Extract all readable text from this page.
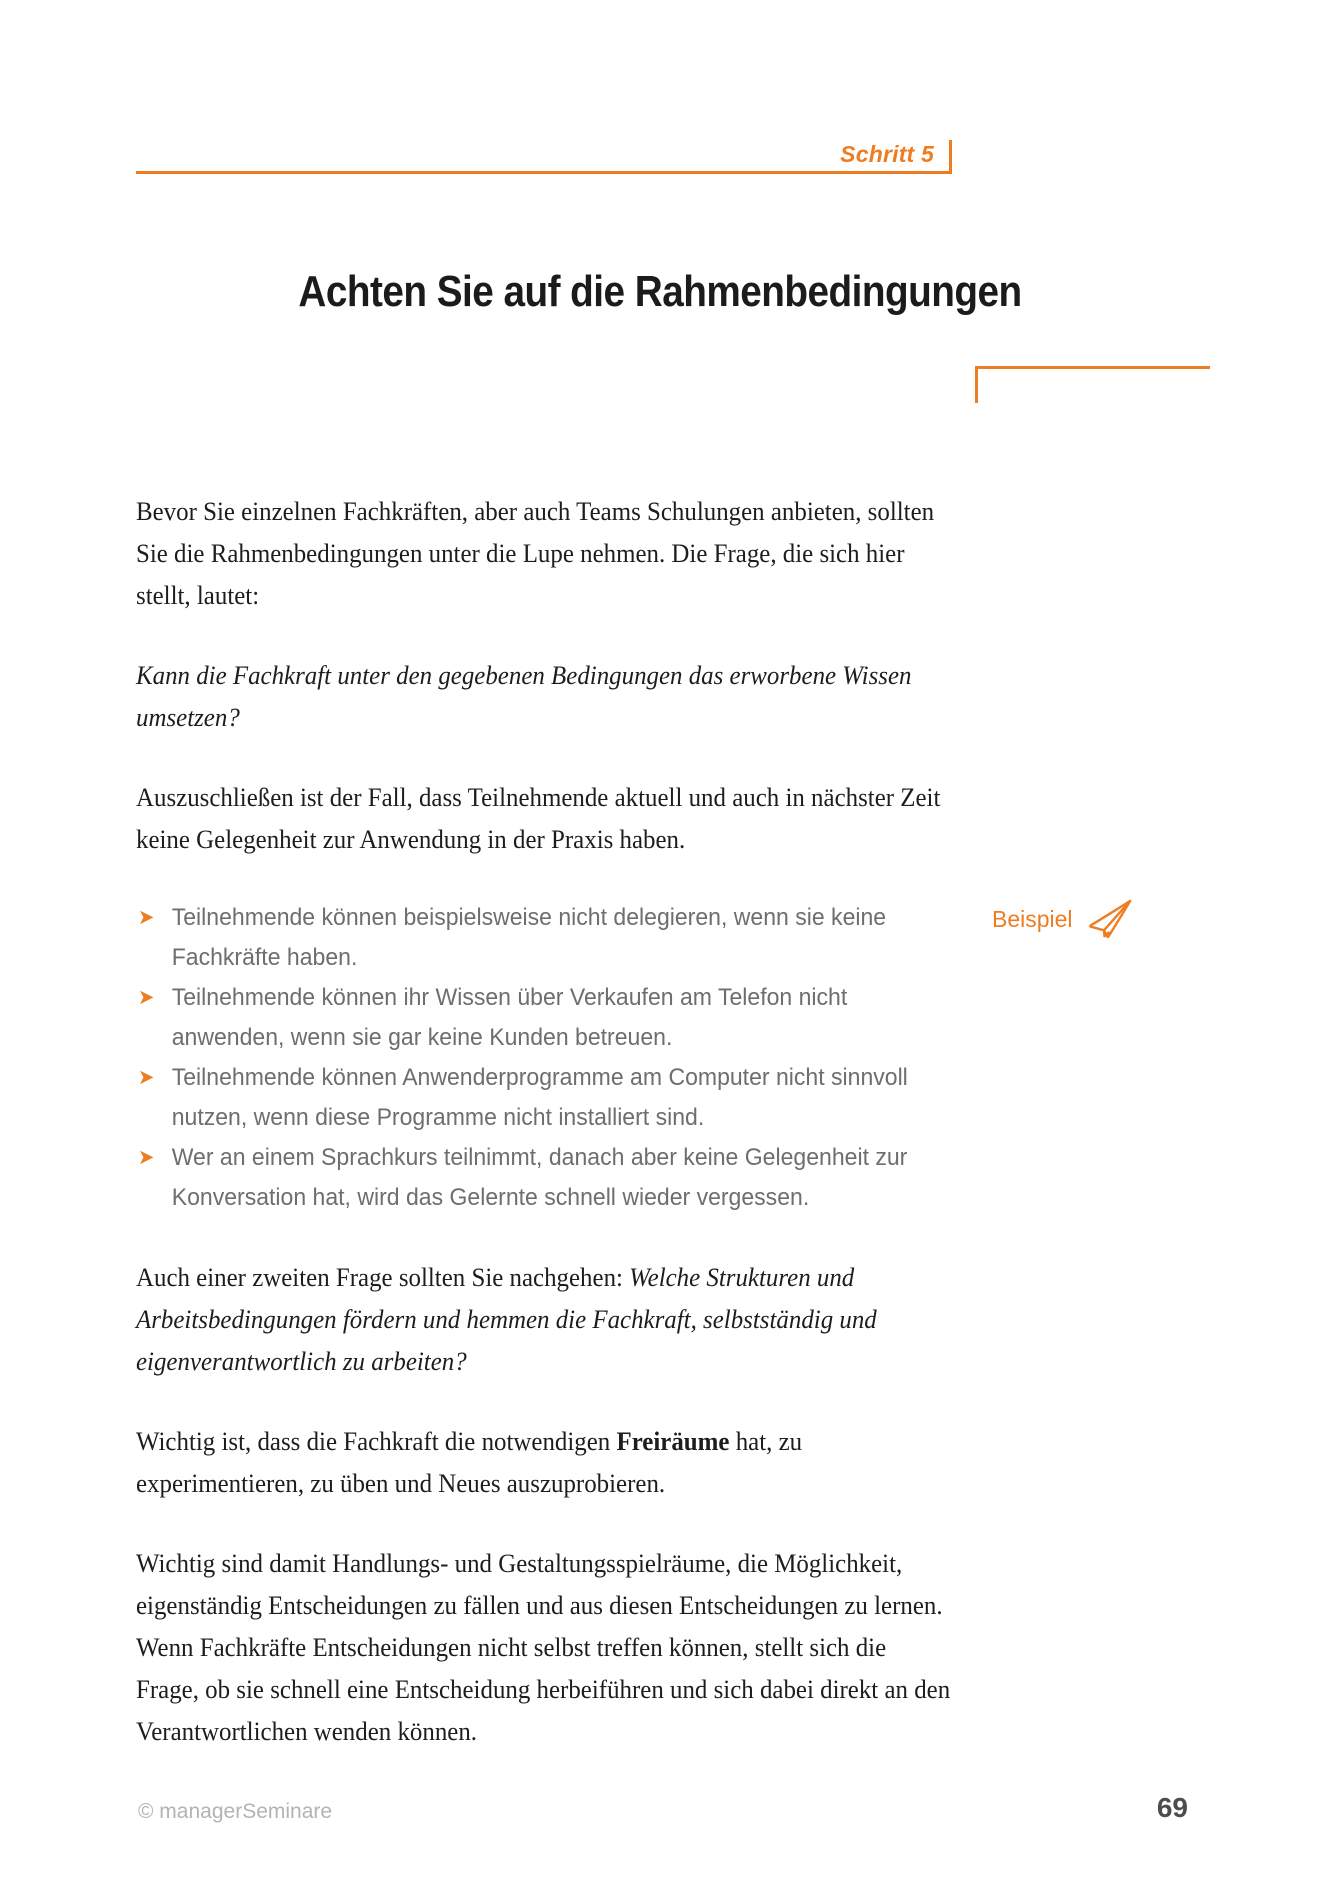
Schritt 5
Achten Sie auf die Rahmenbedingungen

Bevor Sie einzelnen Fachkräften, aber auch Teams Schulungen anbieten, sollten Sie die Rahmenbedingungen unter die Lupe nehmen. Die Frage, die sich hier stellt, lautet:

Kann die Fachkraft unter den gegebenen Bedingungen das erworbene Wissen umsetzen?

Auszuschließen ist der Fall, dass Teilnehmende aktuell und auch in nächster Zeit keine Gelegenheit zur Anwendung in der Praxis haben.

➤ Teilnehmende können beispielsweise nicht delegieren, wenn sie keine Fachkräfte haben.
➤ Teilnehmende können ihr Wissen über Verkaufen am Telefon nicht anwenden, wenn sie gar keine Kunden betreuen.
➤ Teilnehmende können Anwenderprogramme am Computer nicht sinnvoll nutzen, wenn diese Programme nicht installiert sind.
➤ Wer an einem Sprachkurs teilnimmt, danach aber keine Gelegenheit zur Konversation hat, wird das Gelernte schnell wieder vergessen.

Auch einer zweiten Frage sollten Sie nachgehen: Welche Strukturen und Arbeitsbedingungen fördern und hemmen die Fachkraft, selbstständig und eigenverantwortlich zu arbeiten?

Wichtig ist, dass die Fachkraft die notwendigen Freiräume hat, zu experimentieren, zu üben und Neues auszuprobieren.

Wichtig sind damit Handlungs- und Gestaltungsspielräume, die Möglichkeit, eigenständig Entscheidungen zu fällen und aus diesen Entscheidungen zu lernen. Wenn Fachkräfte Entscheidungen nicht selbst treffen können, stellt sich die Frage, ob sie schnell eine Entscheidung herbeiführen und sich dabei direkt an den Verantwortlichen wenden können.

Beispiel
© managerSeminare	69
